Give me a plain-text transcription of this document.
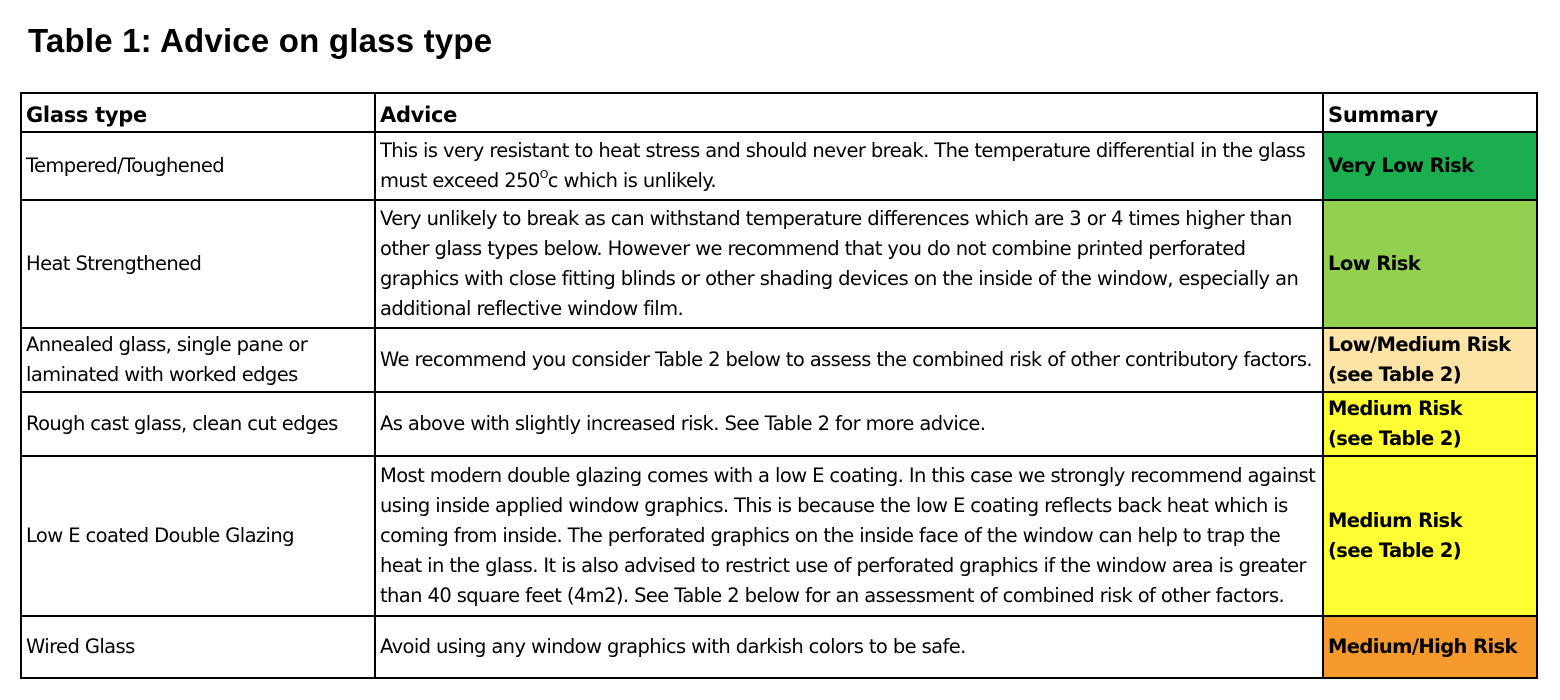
Table 1: Advice on glass type
Glass type	Advice	Summary
Tempered/Toughened	This is very resistant to heat stress and should never break. The temperature differential in the glass must exceed $250^Oc$ which is unlikely.	Very Low Risk
Heat Strengthened	Very unlikely to break as can withstand temperature differences which are 3 or 4 times higher than other glass types below. However we recommend that you do not combine printed perforated graphics with close fitting blinds or other shading devices on the inside of the window, especially an additional reflective window film.	Low Risk
Annealed glass, single pane or laminated with worked edges	We recommend you consider Table 2 below to assess the combined risk of other contributory factors.	Low/Medium Risk
(see Table 2)
Rough cast glass, clean cut edges	As above with slightly increased risk. See Table 2 for more advice.	Medium Risk
(see Table 2)
Low E coated Double Glazing	Most modern double glazing comes with a low E coating. In this case we strongly recommend against using inside applied window graphics. This is because the low E coating reflects back heat which is coming from inside. The perforated graphics on the inside face of the window can help to trap the heat in the glass. It is also advised to restrict use of perforated graphics if the window area is greater than 40 square feet (4m2). See Table 2 below for an assessment of combined risk of other factors.	Medium Risk
(see Table 2)
Wired Glass	Avoid using any window graphics with darkish colors to be safe.	Medium/High Risk
